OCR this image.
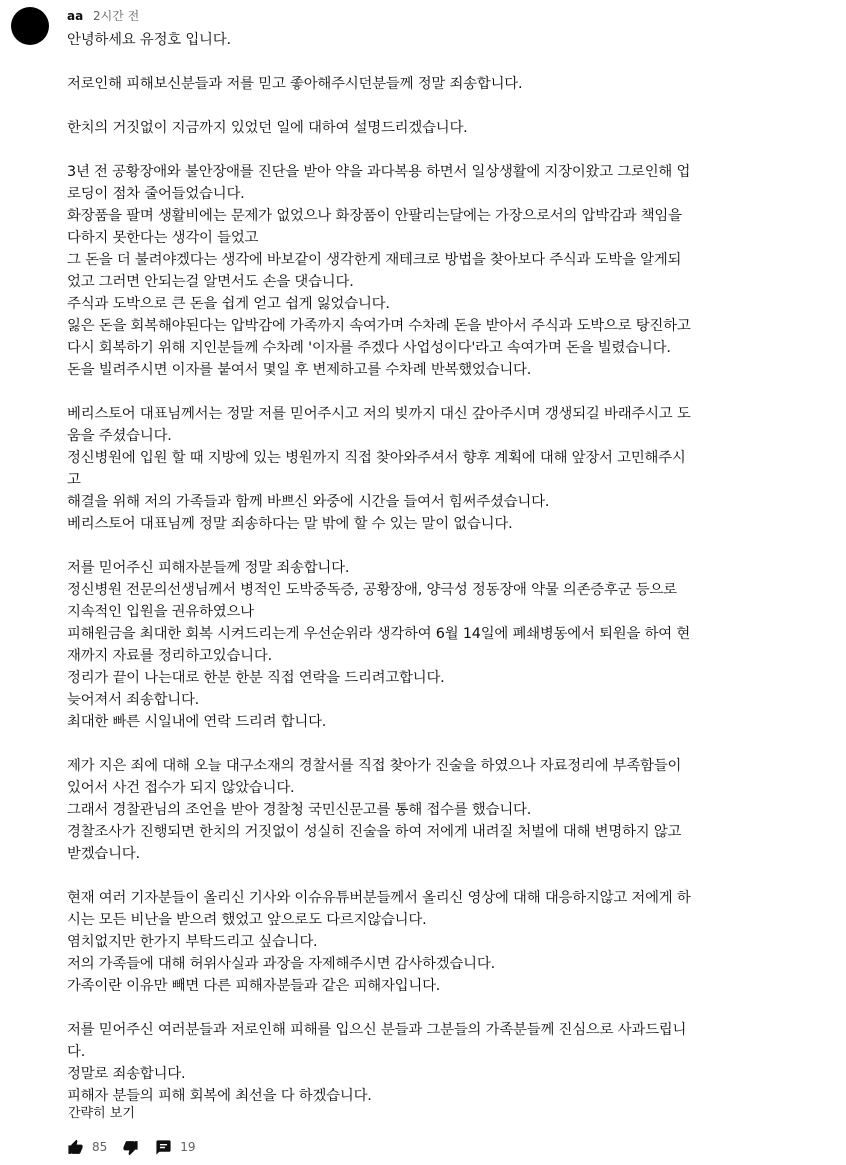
aa 2시간 전
안녕하세요 유정호 입니다.
저로인해 피해보신분들과 저를 믿고 좋아해주시던분들께 정말 죄송합니다.
한치의 거짓없이 지금까지 있었던 일에 대하여 설명드리겠습니다.
3년 전 공황장애와 불안장애를 진단을 받아 약을 과다복용 하면서 일상생활에 지장이왔고 그로인해 업
로딩이 점차 줄어들었습니다.
화장품을 팔며 생활비에는 문제가 없었으나 화장품이 안팔리는달에는 가장으로서의 압박감과 책임을
다하지 못한다는 생각이 들었고
그 돈을 더 불려야겠다는 생각에 바보같이 생각한게 재테크로 방법을 찾아보다 주식과 도박을 알게되
었고 그러면 안되는걸 알면서도 손을 댓습니다.
주식과 도박으로 큰 돈을 쉽게 얻고 쉽게 잃었습니다.
잃은 돈을 회복해야된다는 압박감에 가족까지 속여가며 수차례 돈을 받아서 주식과 도박으로 탕진하고
다시 회복하기 위해 지인분들께 수차례 '이자를 주겠다 사업성이다'라고 속여가며 돈을 빌렸습니다.
돈을 빌려주시면 이자를 붙여서 몇일 후 변제하고를 수차례 반복했었습니다.
베리스토어 대표님께서는 정말 저를 믿어주시고 저의 빚까지 대신 갚아주시며 갱생되길 바래주시고 도
움을 주셨습니다.
정신병원에 입원 할 때 지방에 있는 병원까지 직접 찾아와주셔서 향후 계획에 대해 앞장서 고민해주시
고
해결을 위해 저의 가족들과 함께 바쁘신 와중에 시간을 들여서 힘써주셨습니다.
베리스토어 대표님께 정말 죄송하다는 말 밖에 할 수 있는 말이 없습니다.
저를 믿어주신 피해자분들께 정말 죄송합니다.
정신병원 전문의선생님께서 병적인 도박중독증, 공황장애, 양극성 정동장애 약물 의존증후군 등으로
지속적인 입원을 권유하였으나
피해원금을 최대한 회복 시켜드리는게 우선순위라 생각하여 6월 14일에 폐쇄병동에서 퇴원을 하여 현
재까지 자료를 정리하고있습니다.
정리가 끝이 나는대로 한분 한분 직접 연락을 드리려고합니다.
늦어져서 죄송합니다.
최대한 빠른 시일내에 연락 드리려 합니다.
제가 지은 죄에 대해 오늘 대구소재의 경찰서를 직접 찾아가 진술을 하였으나 자료정리에 부족함들이
있어서 사건 접수가 되지 않았습니다.
그래서 경찰관님의 조언을 받아 경찰청 국민신문고를 통해 접수를 했습니다.
경찰조사가 진행되면 한치의 거짓없이 성실히 진술을 하여 저에게 내려질 처벌에 대해 변명하지 않고
받겠습니다.
현재 여러 기자분들이 올리신 기사와 이슈유튜버분들께서 올리신 영상에 대해 대응하지않고 저에게 하
시는 모든 비난을 받으려 했었고 앞으로도 다르지않습니다.
염치없지만 한가지 부탁드리고 싶습니다.
저의 가족들에 대해 허위사실과 과장을 자제해주시면 감사하겠습니다.
가족이란 이유만 빼면 다른 피해자분들과 같은 피해자입니다.
저를 믿어주신 여러분들과 저로인해 피해를 입으신 분들과 그분들의 가족분들께 진심으로 사과드립니
다.
정말로 죄송합니다.
피해자 분들의 피해 회복에 최선을 다 하겠습니다.
간략히 보기
85	19
